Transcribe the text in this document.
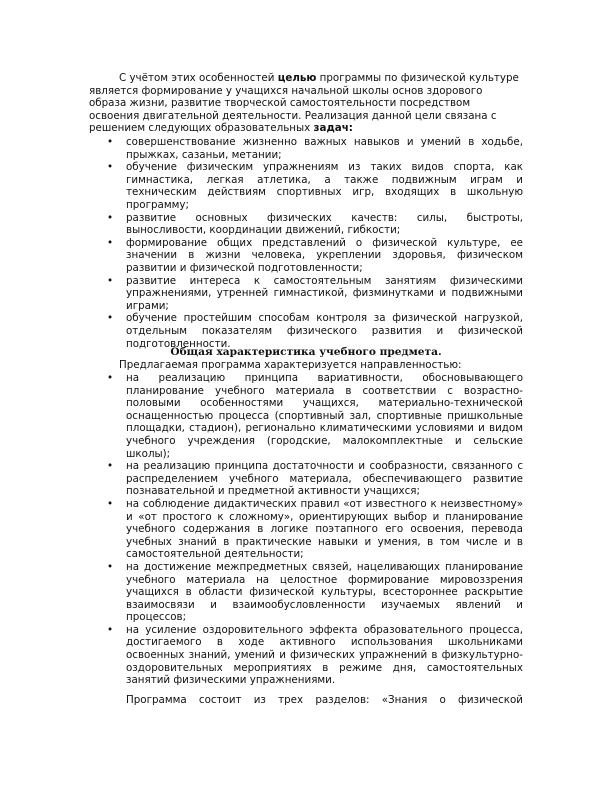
С учётом этих особенностей целью программы по физической культуре является формирование у учащихся начальной школы основ здорового образа жизни, развитие творческой самостоятельности посредством освоения двигательной деятельности. Реализация данной цели связана с решением следующих образовательных задач:

• совершенствование жизненно важных навыков и умений в ходьбе, прыжках, сазаньи, метании;
• обучение физическим упражнениям из таких видов спорта, как гимнастика, легкая атлетика, а также подвижным играм и техническим действиям спортивных игр, входящих в школьную программу;
• развитие основных физических качеств: силы, быстроты, выносливости, координации движений, гибкости;
• формирование общих представлений о физической культуре, ее значении в жизни человека, укреплении здоровья, физическом развитии и физической подготовленности;
• развитие интереса к самостоятельным занятиям физическими упражнениями, утренней гимнастикой, физминутками и подвижными играми;
• обучение простейшим способам контроля за физической нагрузкой, отдельным показателям физического развития и физической подготовленности.

Общая характеристика учебного предмета.

Предлагаемая программа характеризуется направленностью:

• на реализацию принципа вариативности, обосновывающего планирование учебного материала в соответствии с возрастно-половыми особенностями учащихся, материально-технической оснащенностью процесса (спортивный зал, спортивные пришкольные площадки, стадион), регионально климатическими условиями и видом учебного учреждения (городские, малокомплектные и сельские школы);
• на реализацию принципа достаточности и сообразности, связанного с распределением учебного материала, обеспечивающего развитие познавательной и предметной активности учащихся;
• на соблюдение дидактических правил «от известного к неизвестному» и «от простого к сложному», ориентирующих выбор и планирование учебного содержания в логике поэтапного его освоения, перевода учебных знаний в практические навыки и умения, в том числе и в самостоятельной деятельности;
• на достижение межпредметных связей, нацеливающих планирование учебного материала на целостное формирование мировоззрения учащихся в области физической культуры, всестороннее раскрытие взаимосвязи и взаимообусловленности изучаемых явлений и процессов;
• на усиление оздоровительного эффекта образовательного процесса, достигаемого в ходе активного использования школьниками освоенных знаний, умений и физических упражнений в физкультурно-оздоровительных мероприятиях в режиме дня, самостоятельных занятий физическими упражнениями.

Программа состоит из трех разделов: «Знания о физической
